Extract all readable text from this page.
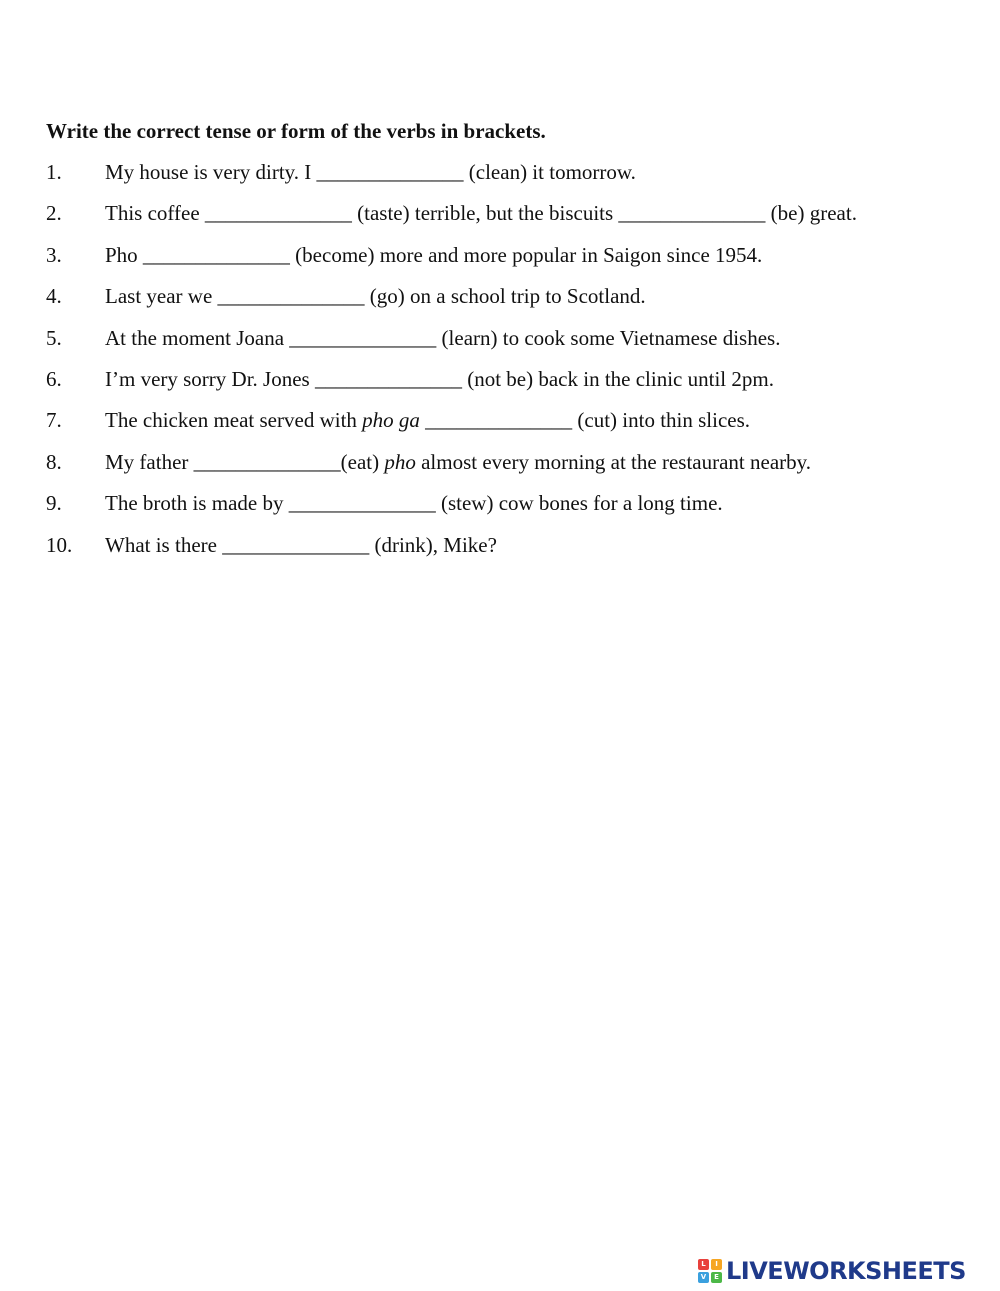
Write the correct tense or form of the verbs in brackets.
1. My house is very dirty. I ______________ (clean) it tomorrow.
2. This coffee ______________ (taste) terrible, but the biscuits ______________ (be) great.
3. Pho ______________ (become) more and more popular in Saigon since 1954.
4. Last year we ______________ (go) on a school trip to Scotland.
5. At the moment Joana ______________ (learn) to cook some Vietnamese dishes.
6. I’m very sorry Dr. Jones ______________ (not be) back in the clinic until 2pm.
7. The chicken meat served with pho ga ______________ (cut) into thin slices.
8. My father ______________(eat) pho almost every morning at the restaurant nearby.
9. The broth is made by ______________ (stew) cow bones for a long time.
10. What is there ______________ (drink), Mike?
L	I
V	E LIVEWORKSHEETS
